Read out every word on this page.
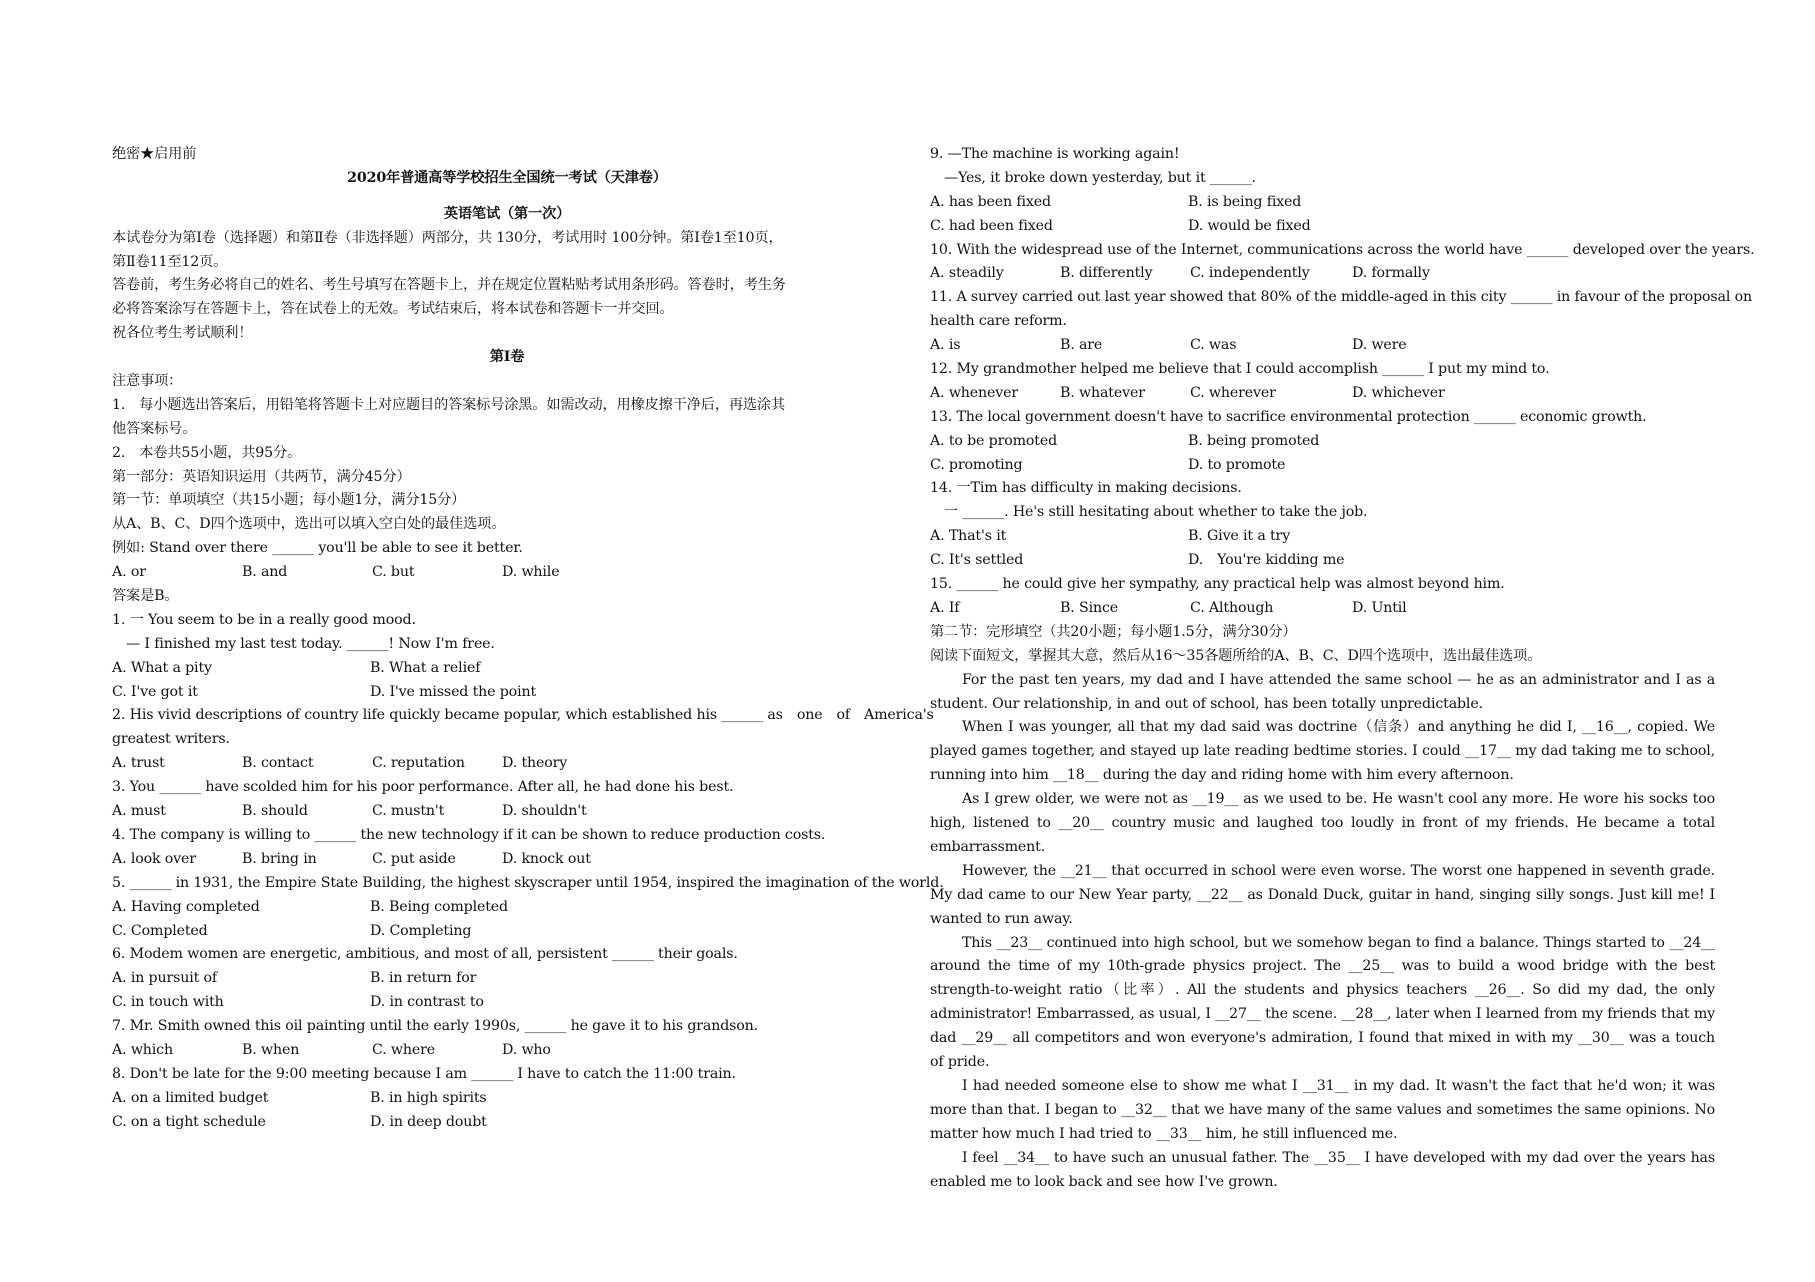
绝密★启用前
2020年普通高等学校招生全国统一考试（天津卷）
英语笔试（第一次）
本试卷分为第Ⅰ卷（选择题）和第Ⅱ卷（非选择题）两部分，共 130分，考试用时 100分钟。第Ⅰ卷1至10页，
第Ⅱ卷11至12页。
答卷前，考生务必将自己的姓名、考生号填写在答题卡上，并在规定位置粘贴考试用条形码。答卷时，考生务
必将答案涂写在答题卡上，答在试卷上的无效。考试结束后，将本试卷和答题卡一并交回。
祝各位考生考试顺利！
第Ⅰ卷
注意事项：
1.　每小题选出答案后，用铅笔将答题卡上对应题目的答案标号涂黑。如需改动，用橡皮擦干净后，再选涂其
他答案标号。
2.　本卷共55小题，共95分。
第一部分：英语知识运用（共两节，满分45分）
第一节：单项填空（共15小题；每小题1分，满分15分）
从A、B、C、D四个选项中，选出可以填入空白处的最佳选项。
例如: Stand over there ______ you'll be able to see it better.
A. or	B. and	C. but	D. while
答案是B。
1. 一 You seem to be in a really good mood.
　— I finished my last test today. ______! Now I'm free.
A. What a pity	B. What a relief
C. I've got it	D. I've missed the point
2. His vivid descriptions of country life quickly became popular, which established his ______ as　one　of　America's
greatest writers.
A. trust	B. contact	C. reputation	D. theory
3. You ______ have scolded him for his poor performance. After all, he had done his best.
A. must	B. should	C. mustn't	D. shouldn't
4. The company is willing to ______ the new technology if it can be shown to reduce production costs.
A. look over	B. bring in	C. put aside	D. knock out
5. ______ in 1931, the Empire State Building, the highest skyscraper until 1954, inspired the imagination of the world.
A. Having completed	B. Being completed
C. Completed	D. Completing
6. Modem women are energetic, ambitious, and most of all, persistent ______ their goals.
A. in pursuit of	B. in return for
C. in touch with	D. in contrast to
7. Mr. Smith owned this oil painting until the early 1990s, ______ he gave it to his grandson.
A. which	B. when	C. where	D. who
8. Don't be late for the 9:00 meeting because I am ______ I have to catch the 11:00 train.
A. on a limited budget	B. in high spirits
C. on a tight schedule	D. in deep doubt
9. —The machine is working again!
　—Yes, it broke down yesterday, but it ______.
A. has been fixed	B. is being fixed
C. had been fixed	D. would be fixed
10. With the widespread use of the Internet, communications across the world have ______ developed over the years.
A. steadily	B. differently	C. independently	D. formally
11. A survey carried out last year showed that 80% of the middle-aged in this city ______ in favour of the proposal on
health care reform.
A. is	B. are	C. was	D. were
12. My grandmother helped me believe that I could accomplish ______ I put my mind to.
A. whenever	B. whatever	C. wherever	D. whichever
13. The local government doesn't have to sacrifice environmental protection ______ economic growth.
A. to be promoted	B. being promoted
C. promoting	D. to promote
14. 一Tim has difficulty in making decisions.
　一 ______. He's still hesitating about whether to take the job.
A. That's it	B. Give it a try
C. It's settled	D.　You're kidding me
15. ______ he could give her sympathy, any practical help was almost beyond him.
A. If	B. Since	C. Although	D. Until
第二节：完形填空（共20小题；每小题1.5分，满分30分）
阅读下面短文，掌握其大意，然后从16～35各题所给的A、B、C、D四个选项中，选出最佳选项。
For the past ten years, my dad and I have attended the same school — he as an administrator and I as a student. Our relationship, in and out of school, has been totally unpredictable.
When I was younger, all that my dad said was doctrine（信条）and anything he did I, __16__, copied. We played games together, and stayed up late reading bedtime stories. I could __17__ my dad taking me to school, running into him __18__ during the day and riding home with him every afternoon.
As I grew older, we were not as __19__ as we used to be. He wasn't cool any more. He wore his socks too high, listened to __20__ country music and laughed too loudly in front of my friends. He became a total embarrassment.
However, the __21__ that occurred in school were even worse. The worst one happened in seventh grade. My dad came to our New Year party, __22__ as Donald Duck, guitar in hand, singing silly songs. Just kill me! I wanted to run away.
This __23__ continued into high school, but we somehow began to find a balance. Things started to __24__ around the time of my 10th-grade physics project. The __25__ was to build a wood bridge with the best strength-to-weight ratio（比率）. All the students and physics teachers __26__. So did my dad, the only administrator! Embarrassed, as usual, I __27__ the scene. __28__, later when I learned from my friends that my dad __29__ all competitors and won everyone's admiration, I found that mixed in with my __30__ was a touch of pride.
I had needed someone else to show me what I __31__ in my dad. It wasn't the fact that he'd won; it was more than that. I began to __32__ that we have many of the same values and sometimes the same opinions. No matter how much I had tried to __33__ him, he still influenced me.
I feel __34__ to have such an unusual father. The __35__ I have developed with my dad over the years has enabled me to look back and see how I've grown.
